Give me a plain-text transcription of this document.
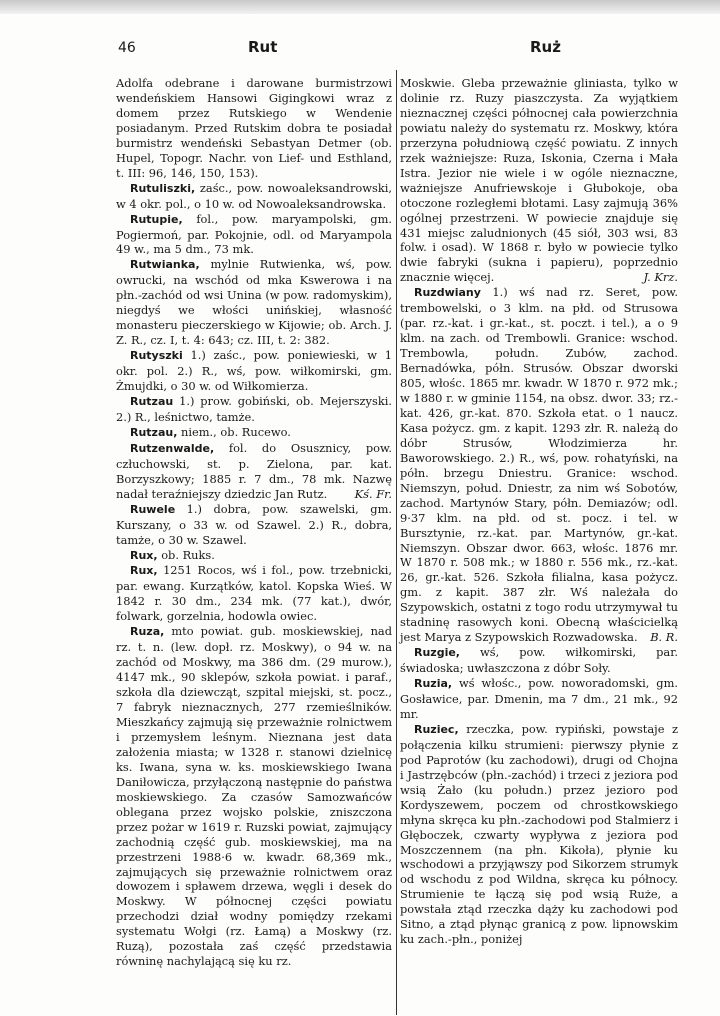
46	Rut	Ruż

Adolfa odebrane i darowane burmistrzowi wendeńskiem Hansowi Gigingkowi wraz z domem przez Rutskiego w Wendenie posiadanym. Przed Rutskim dobra te posiadał burmistrz wendeński Sebastyan Detmer (ob. Hupel, Topogr. Nachr. von Lief- und Esthland, t. III: 96, 146, 150, 153).

Rutuliszki, zaśc., pow. nowoaleksandrowski, w 4 okr. pol., o 10 w. od Nowoaleksandrowska.

Rutupie, fol., pow. maryampolski, gm. Pogiermoń, par. Pokojnie, odl. od Maryampola 49 w., ma 5 dm., 73 mk.

Rutwianka, mylnie Rutwienka, wś, pow. owrucki, na wschód od mka Kswerowa i na płn.-zachód od wsi Unina (w pow. radomyskim), niegdyś we włości unińskiej, własność monasteru pieczerskiego w Kijowie; ob. Arch. J. Z. R., cz. I, t. 4: 643; cz. III, t. 2: 382.

Rutyszki 1.) zaśc., pow. poniewieski, w 1 okr. pol. 2.) R., wś, pow. wiłkomirski, gm. Żmujdki, o 30 w. od Wiłkomierza.

Rutzau 1.) prow. gobiński, ob. Mejerszyski. 2.) R., leśnictwo, tamże.

Rutzau, niem., ob. Rucewo.

Rutzenwalde, fol. do Osusznicy, pow. człuchowski, st. p. Zielona, par. kat. Borzyszkowy; 1885 r. 7 dm., 78 mk. Nazwę nadał teraźniejszy dziedzic Jan Rutz.	Kś. Fr.

Ruwele 1.) dobra, pow. szawelski, gm. Kurszany, o 33 w. od Szawel. 2.) R., dobra, tamże, o 30 w. Szawel.

Rux, ob. Ruks.

Rux, 1251 Rocos, wś i fol., pow. trzebnicki, par. ewang. Kurzątków, katol. Kopska Wieś. W 1842 r. 30 dm., 234 mk. (77 kat.), dwór, folwark, gorzelnia, hodowla owiec.

Ruza, mto powiat. gub. moskiewskiej, nad rz. t. n. (lew. dopł. rz. Moskwy), o 94 w. na zachód od Moskwy, ma 386 dm. (29 murow.), 4147 mk., 90 sklepów, szkoła powiat. i paraf., szkoła dla dziewcząt, szpital miejski, st. pocz., 7 fabryk nieznacznych, 277 rzemieślników. Mieszkańcy zajmują się przeważnie rolnictwem i przemysłem leśnym. Nieznana jest data założenia miasta; w 1328 r. stanowi dzielnicę ks. Iwana, syna w. ks. moskiewskiego Iwana Daniłowicza, przyłączoną następnie do państwa moskiewskiego. Za czasów Samozwańców oblegana przez wojsko polskie, zniszczona przez pożar w 1619 r. Ruzski powiat, zajmujący zachodnią część gub. moskiewskiej, ma na przestrzeni 1988·6 w. kwadr. 68,369 mk., zajmujących się przeważnie rolnictwem oraz dowozem i spławem drzewa, węgli i desek do Moskwy. W północnej części powiatu przechodzi dział wodny pomiędzy rzekami systematu Wołgi (rz. Łamą) a Moskwy (rz. Ruzą), pozostała zaś część przedstawia równinę nachylającą się ku rz.

Moskwie. Gleba przeważnie gliniasta, tylko w dolinie rz. Ruzy piaszczysta. Za wyjątkiem nieznacznej części północnej cała powierzchnia powiatu należy do systematu rz. Moskwy, która przerzyna południową część powiatu. Z innych rzek ważniejsze: Ruza, Iskonia, Czerna i Mała Istra. Jezior nie wiele i w ogóle nieznaczne, ważniejsze Anufriewskoje i Głubokoje, oba otoczone rozległemi błotami. Lasy zajmują 36% ogólnej przestrzeni. W powiecie znajduje się 431 miejsc zaludnionych (45 siół, 303 wsi, 83 folw. i osad). W 1868 r. było w powiecie tylko dwie fabryki (sukna i papieru), poprzednio znacznie więcej.	J. Krz.

Ruzdwiany 1.) wś nad rz. Seret, pow. trembowelski, o 3 klm. na płd. od Strusowa (par. rz.-kat. i gr.-kat., st. poczt. i tel.), a o 9 klm. na zach. od Trembowli. Granice: wschod. Trembowla, połudn. Zubów, zachod. Bernadówka, półn. Strusów. Obszar dworski 805, włośc. 1865 mr. kwadr. W 1870 r. 972 mk.; w 1880 r. w gminie 1154, na obsz. dwor. 33; rz.-kat. 426, gr.-kat. 870. Szkoła etat. o 1 naucz. Kasa pożycz. gm. z kapit. 1293 złr. R. należą do dóbr Strusów, Włodzimierza hr. Baworowskiego. 2.) R., wś, pow. rohatyński, na półn. brzegu Dniestru. Granice: wschod. Niemszyn, połud. Dniestr, za nim wś Sobotów, zachod. Martynów Stary, półn. Demiazów; odl. 9·37 klm. na płd. od st. pocz. i tel. w Bursztynie, rz.-kat. par. Martynów, gr.-kat. Niemszyn. Obszar dwor. 663, włośc. 1876 mr. W 1870 r. 508 mk.; w 1880 r. 556 mk., rz.-kat. 26, gr.-kat. 526. Szkoła filialna, kasa pożycz. gm. z kapit. 387 złr. Wś należała do Szypowskich, ostatni z togo rodu utrzymywał tu stadninę rasowych koni. Obecną właścicielką jest Marya z Szypowskich Rozwadowska.	B. R.

Ruzgie, wś, pow. wiłkomirski, par. świadoska; uwłaszczona z dóbr Soły.

Ruzia, wś włośc., pow. noworadomski, gm. Gosławice, par. Dmenin, ma 7 dm., 21 mk., 92 mr.

Ruziec, rzeczka, pow. rypiński, powstaje z połączenia kilku strumieni: pierwszy płynie z pod Paprotów (ku zachodowi), drugi od Chojna i Jastrzębców (płn.-zachód) i trzeci z jeziora pod wsią Żało (ku połudn.) przez jezioro pod Kordyszewem, poczem od chrostkowskiego młyna skręca ku płn.-zachodowi pod Stalmierz i Głęboczek, czwarty wypływa z jeziora pod Moszczennem (na płn. Kikoła), płynie ku wschodowi a przyjąwszy pod Sikorzem strumyk od wschodu z pod Wildna, skręca ku północy. Strumienie te łączą się pod wsią Ruże, a powstała ztąd rzeczka dąży ku zachodowi pod Sitno, a ztąd płynąc granicą z pow. lipnowskim ku zach.-płn., poniżej
